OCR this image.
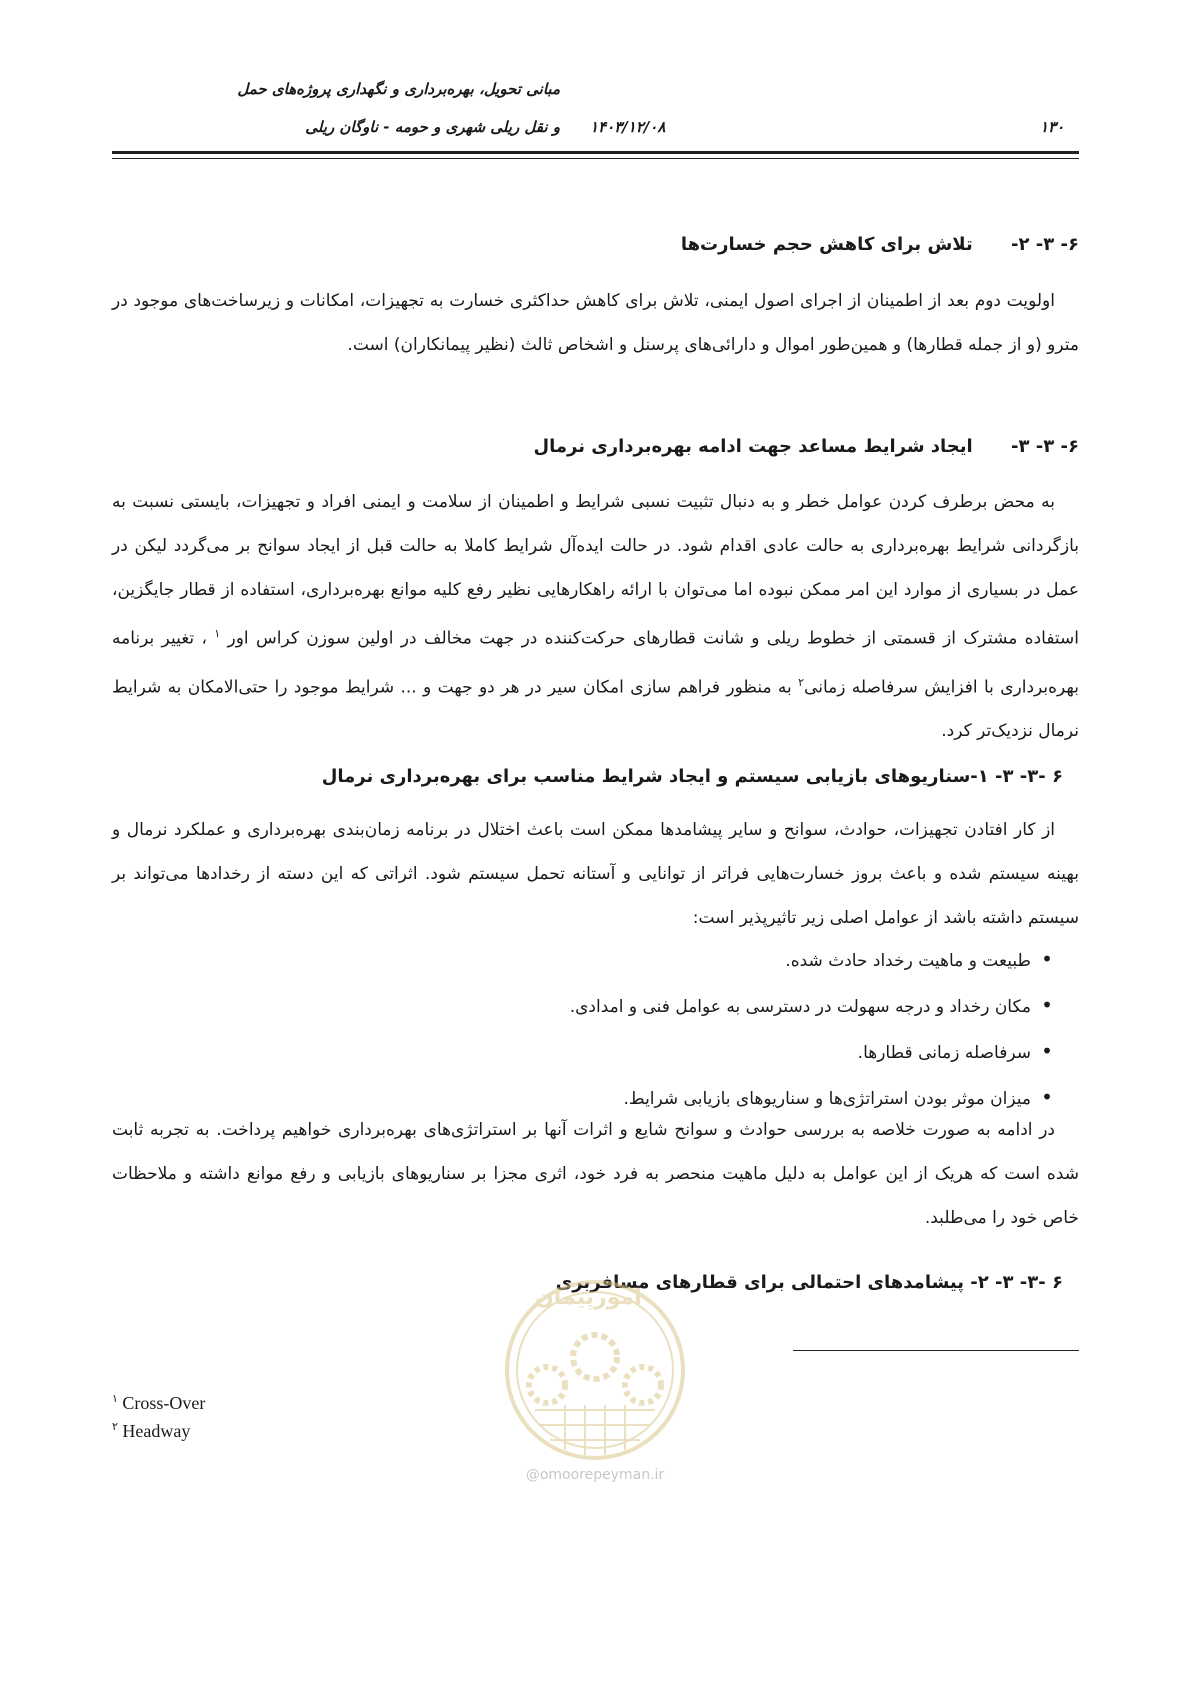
مبانی تحویل، بهره‌برداری و نگهداری پروژه‌های حمل
و نقل ریلی شهری و حومه - ناوگان ریلی ۱۴۰۳/۱۲/۰۸	۱۳۰
۶- ۳- ۲- تلاش برای کاهش حجم خسارت‌ها
اولویت دوم بعد از اطمینان از اجرای اصول ایمنی، تلاش برای کاهش حداکثری خسارت به تجهیزات، امکانات و زیرساخت‌های موجود در مترو (و از جمله قطارها) و همین‌طور اموال و دارائی‌های پرسنل و اشخاص ثالث (نظیر پیمانکاران) است.
۶- ۳- ۳- ایجاد شرایط مساعد جهت ادامه بهره‌برداری نرمال
به محض برطرف کردن عوامل خطر و به دنبال تثبیت نسبی شرایط و اطمینان از سلامت و ایمنی افراد و تجهیزات، بایستی نسبت به بازگردانی شرایط بهره‌برداری به حالت عادی اقدام شود. در حالت ایده‌آل شرایط کاملا به حالت قبل از ایجاد سوانح بر می‌گردد لیکن در عمل در بسیاری از موارد این امر ممکن نبوده اما می‌توان با ارائه راهکارهایی نظیر رفع کلیه موانع بهره‌برداری، استفاده از قطار جایگزین، استفاده مشترک از قسمتی از خطوط ریلی و شانت قطارهای حرکت‌کننده در جهت مخالف در اولین سوزن کراس اور $^۱$ ، تغییر برنامه بهره‌برداری با افزایش سرفاصله زمانی$^۲$ به منظور فراهم سازی امکان سیر در هر دو جهت و ... شرایط موجود را حتی‌الامکان به شرایط نرمال نزدیک‌تر کرد.
۶ -۳- ۳- ۱-سناریوهای بازیابی سیستم و ایجاد شرایط مناسب برای بهره‌برداری نرمال
از کار افتادن تجهیزات، حوادث، سوانح و سایر پیشامدها ممکن است باعث اختلال در برنامه زمان‌بندی بهره‌برداری و عملکرد نرمال و بهینه سیستم شده و باعث بروز خسارت‌هایی فراتر از توانایی و آستانه تحمل سیستم شود. اثراتی که این دسته از رخدادها می‌تواند بر سیستم داشته باشد از عوامل اصلی زیر تاثیرپذیر است:
•طبیعت و ماهیت رخداد حادث شده.
•مکان رخداد و درجه سهولت در دسترسی به عوامل فنی و امدادی.
•سرفاصله زمانی قطارها.
•میزان موثر بودن استراتژی‌ها و سناریوهای بازیابی شرایط.
در ادامه به صورت خلاصه به بررسی حوادث و سوانح شایع و اثرات آنها بر استراتژی‌های بهره‌برداری خواهیم پرداخت. به تجربه ثابت شده است که هریک از این عوامل به دلیل ماهیت منحصر به فرد خود، اثری مجزا بر سناریوهای بازیابی و رفع موانع داشته و ملاحظات خاص خود را می‌طلبد.
۶ -۳- ۳- ۲- پیشامدهای احتمالی برای قطارهای مسافربری
امورپیمان
@omoorepeyman.ir
$^۱$ Cross-Over
$^۲$ Headway
